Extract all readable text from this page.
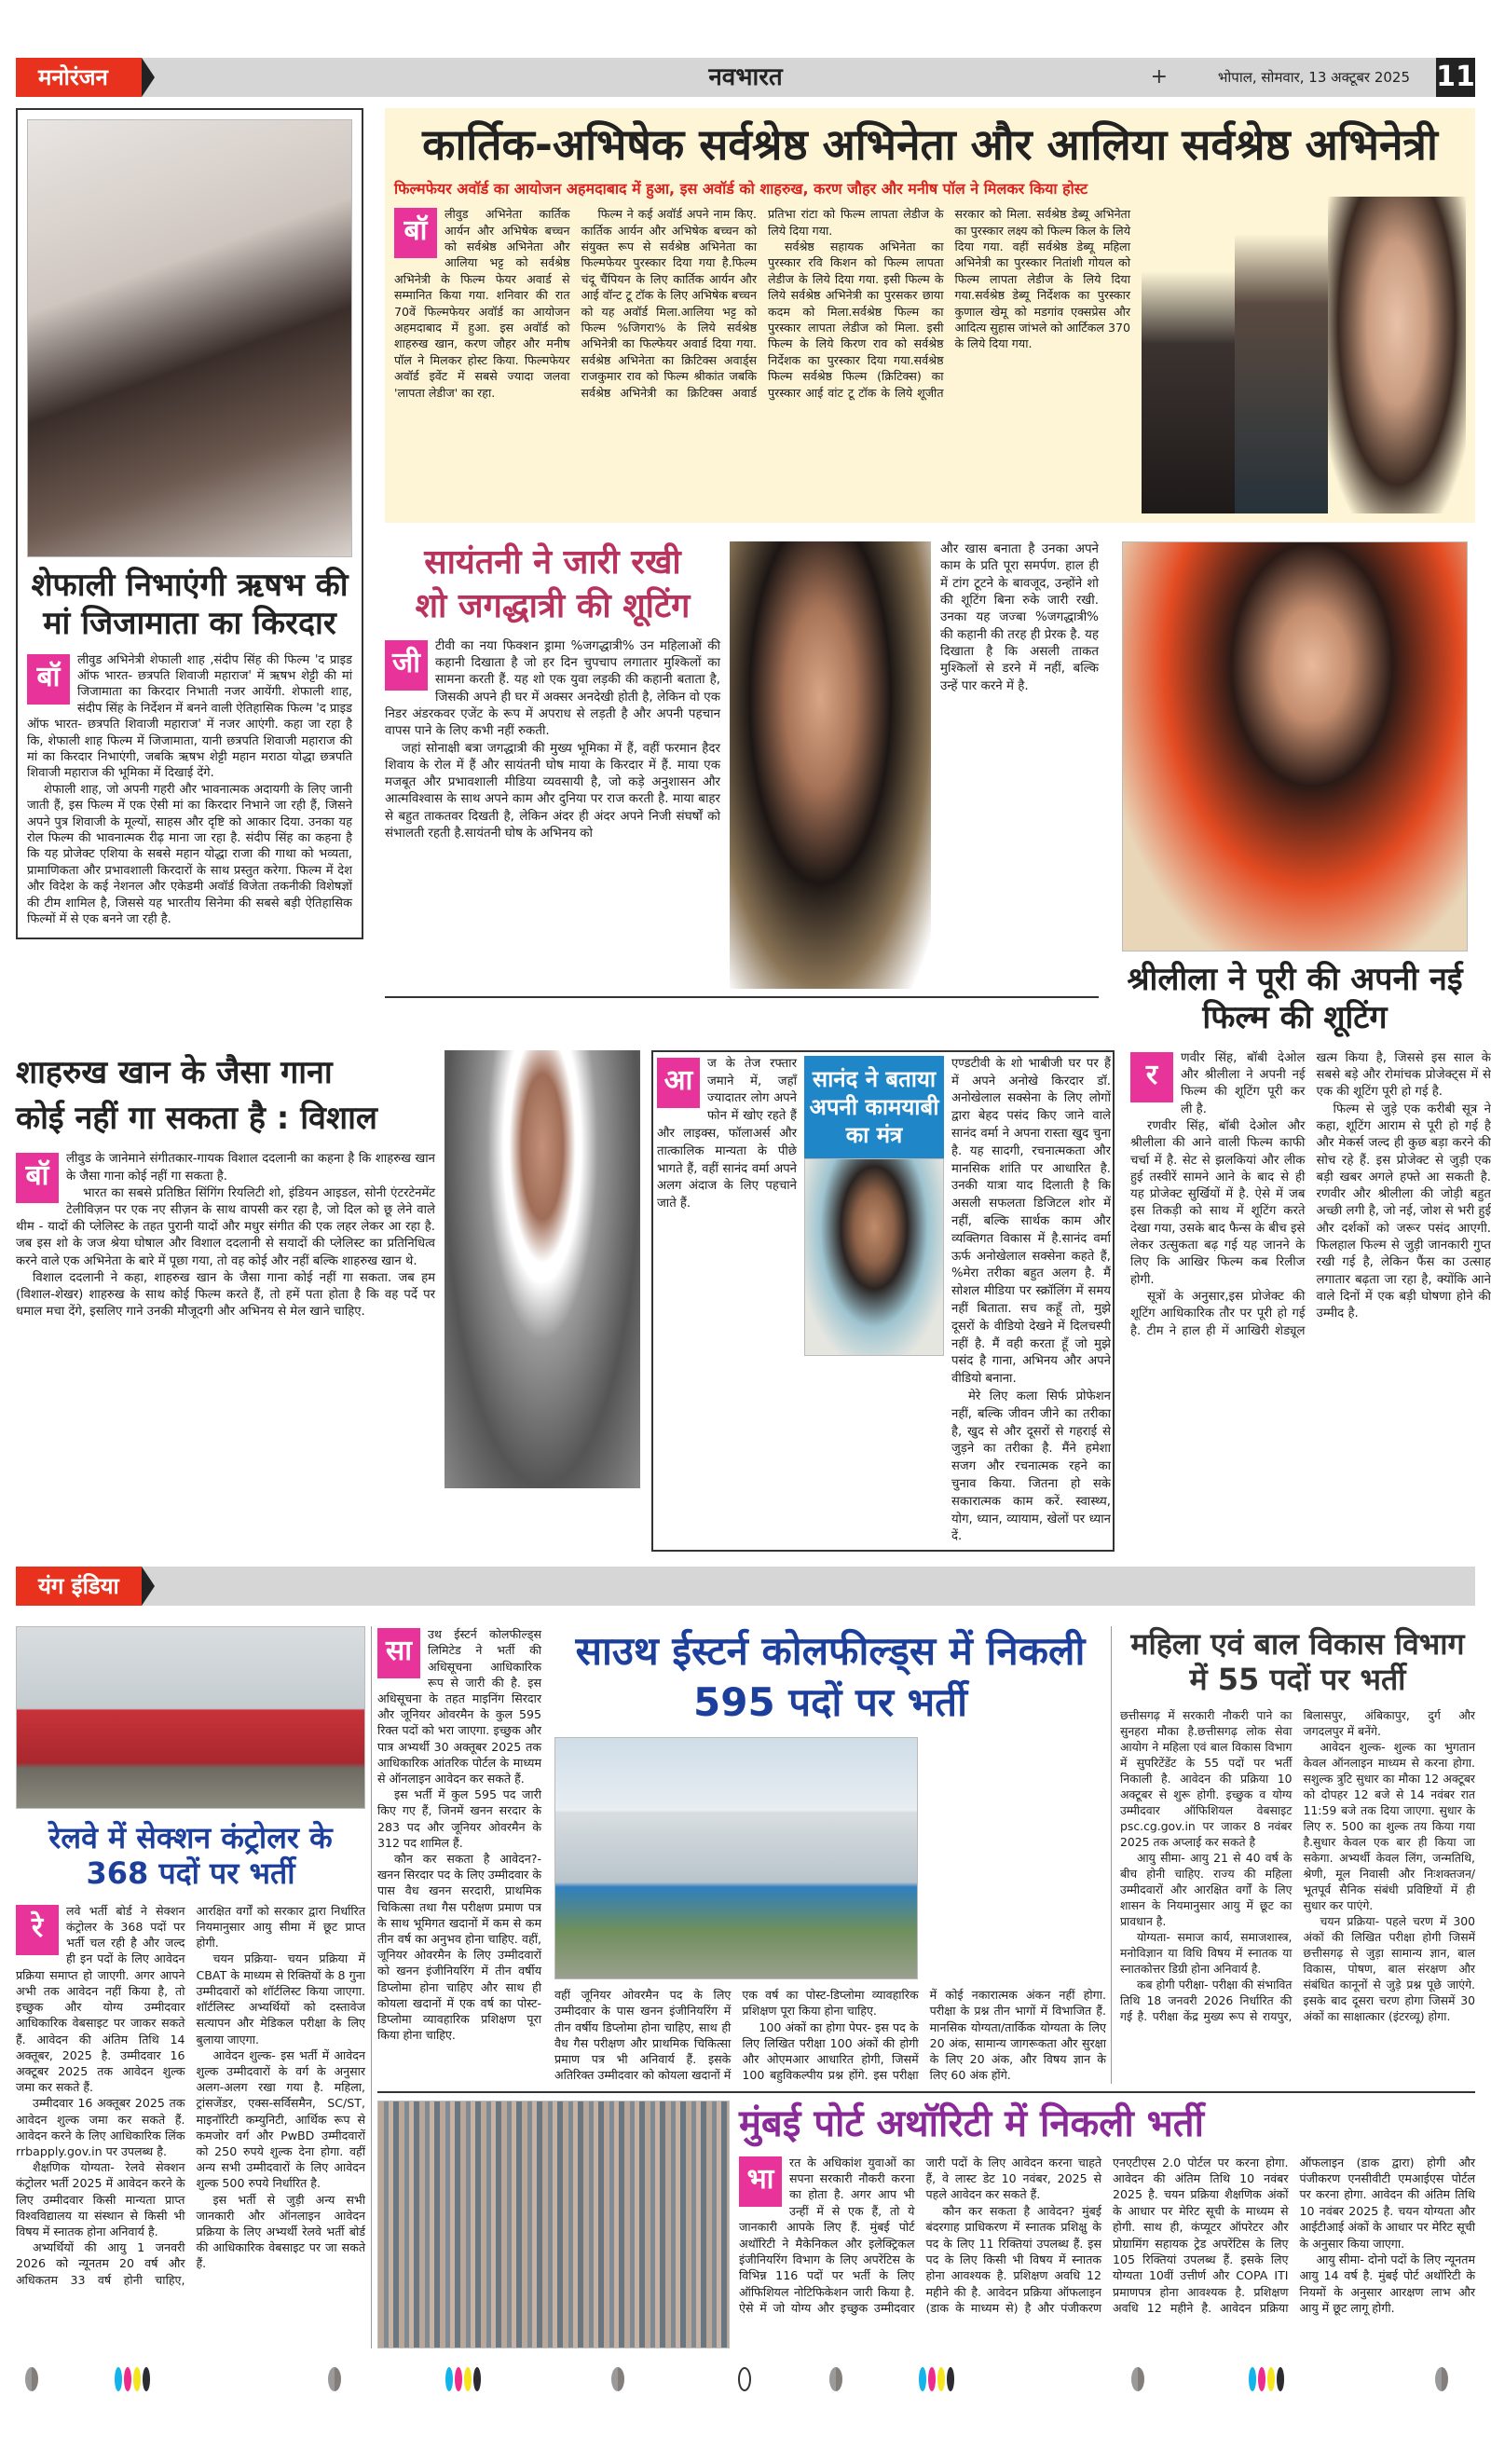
मनोरंजन	नवभारत	+	भोपाल, सोमवार, 13 अक्टूबर 2025 11
शेफाली निभाएंगी ऋषभ की मां जिजामाता का किरदार
बॉ

लीवुड अभिनेत्री शेफाली शाह ,संदीप सिंह की फिल्म 'द प्राइड ऑफ भारत- छत्रपति शिवाजी महाराज' में ऋषभ शेट्टी की मां जिजामाता का किरदार निभाती नजर आयेंगी. शेफाली शाह, संदीप सिंह के निर्देशन में बनने वाली ऐतिहासिक फिल्म 'द प्राइड ऑफ भारत- छत्रपति शिवाजी महाराज' में नजर आएंगी. कहा जा रहा है कि, शेफाली शाह फिल्म में जिजामाता, यानी छत्रपति शिवाजी महाराज की मां का किरदार निभाएंगी, जबकि ऋषभ शेट्टी महान मराठा योद्धा छत्रपति शिवाजी महाराज की भूमिका में दिखाई देंगे.

शेफाली शाह, जो अपनी गहरी और भावनात्मक अदायगी के लिए जानी जाती हैं, इस फिल्म में एक ऐसी मां का किरदार निभाने जा रही हैं, जिसने अपने पुत्र शिवाजी के मूल्यों, साहस और दृष्टि को आकार दिया. उनका यह रोल फिल्म की भावनात्मक रीढ़ माना जा रहा है. संदीप सिंह का कहना है कि यह प्रोजेक्ट एशिया के सबसे महान योद्धा राजा की गाथा को भव्यता, प्रामाणिकता और प्रभावशाली किरदारों के साथ प्रस्तुत करेगा. फिल्म में देश और विदेश के कई नेशनल और एकेडमी अवॉर्ड विजेता तकनीकी विशेषज्ञों की टीम शामिल है, जिससे यह भारतीय सिनेमा की सबसे बड़ी ऐतिहासिक फिल्मों में से एक बनने जा रही है.

कार्तिक-अभिषेक सर्वश्रेष्ठ अभिनेता और आलिया सर्वश्रेष्ठ अभिनेत्री
फिल्मफेयर अवॉर्ड का आयोजन अहमदाबाद में हुआ, इस अवॉर्ड को शाहरुख, करण जौहर और मनीष पॉल ने मिलकर किया होस्ट
बॉ

लीवुड अभिनेता कार्तिक आर्यन और अभिषेक बच्चन को सर्वश्रेष्ठ अभिनेता और आलिया भट्ट को सर्वश्रेष्ठ अभिनेत्री के फिल्म फेयर अवार्ड से सम्मानित किया गया. शनिवार की रात 70वें फिल्मफेयर अवॉर्ड का आयोजन अहमदाबाद में हुआ. इस अवॉर्ड को शाहरुख खान, करण जौहर और मनीष पॉल ने मिलकर होस्ट किया. फिल्मफेयर अवॉर्ड इवेंट में सबसे ज्यादा जलवा 'लापता लेडीज' का रहा.

फिल्म ने कई अवॉर्ड अपने नाम किए. कार्तिक आर्यन और अभिषेक बच्चन को संयुक्त रूप से सर्वश्रेष्ठ अभिनेता का फिल्मफेयर पुरस्कार दिया गया है.फिल्म चंदू चैंपियन के लिए कार्तिक आर्यन और आई वॉन्ट टू टॉक के लिए अभिषेक बच्चन को यह अवॉर्ड मिला.आलिया भट्ट को फिल्म %जिगरा% के लिये सर्वश्रेष्ठ अभिनेत्री का फिल्फेयर अवार्ड दिया गया. सर्वश्रेष्ठ अभिनेता का क्रिटिक्स अवार्ड्स राजकुमार राव को फिल्म श्रीकांत जबकि सर्वश्रेष्ठ अभिनेत्री का क्रिटिक्स अवार्ड प्रतिभा रांटा को फिल्म लापता लेडीज के लिये दिया गया.

सर्वश्रेष्ठ सहायक अभिनेता का पुरस्कार रवि किशन को फिल्म लापता लेडीज के लिये दिया गया. इसी फिल्म के लिये सर्वश्रेष्ठ अभिनेत्री का पुरसकर छाया कदम को मिला.सर्वश्रेष्ठ फिल्म का पुरस्कार लापता लेडीज को मिला. इसी फिल्म के लिये किरण राव को सर्वश्रेष्ठ निर्देशक का पुरस्कार दिया गया.सर्वश्रेष्ठ फिल्म सर्वश्रेष्ठ फिल्म (क्रिटिक्स) का पुरस्कार आई वांट टू टॉक के लिये शूजीत सरकार को मिला. सर्वश्रेष्ठ डेब्यू अभिनेता का पुरस्कार लक्ष्य को फिल्म किल के लिये दिया गया. वहीं सर्वश्रेष्ठ डेब्यू महिला अभिनेत्री का पुरस्कार नितांशी गोयल को फिल्म लापता लेडीज के लिये दिया गया.सर्वश्रेष्ठ डेब्यू निर्देशक का पुरस्कार कुणाल खेमू को मडगांव एक्सप्रेस और आदित्य सुहास जांभले को आर्टिकल 370 के लिये दिया गया.

सायंतनी ने जारी रखी
शो जगद्धात्री की शूटिंग
जी

टीवी का नया फिक्शन ड्रामा %जगद्धात्री% उन महिलाओं की कहानी दिखाता है जो हर दिन चुपचाप लगातार मुश्किलों का सामना करती हैं. यह शो एक युवा लड़की की कहानी बताता है, जिसकी अपने ही घर में अक्सर अनदेखी होती है, लेकिन वो एक निडर अंडरकवर एजेंट के रूप में अपराध से लड़ती है और अपनी पहचान वापस पाने के लिए कभी नहीं रुकती.

जहां सोनाक्षी बत्रा जगद्धात्री की मुख्य भूमिका में हैं, वहीं फरमान हैदर शिवाय के रोल में हैं और सायंतनी घोष माया के किरदार में हैं. माया एक मजबूत और प्रभावशाली मीडिया व्यवसायी है, जो कड़े अनुशासन और आत्मविश्वास के साथ अपने काम और दुनिया पर राज करती है. माया बाहर से बहुत ताकतवर दिखती है, लेकिन अंदर ही अंदर अपने निजी संघर्षों को संभालती रहती है.सायंतनी घोष के अभिनय को

और खास बनाता है उनका अपने काम के प्रति पूरा समर्पण. हाल ही में टांग टूटने के बावजूद, उन्होंने शो की शूटिंग बिना रुके जारी रखी. उनका यह जज्बा %जगद्धात्री% की कहानी की तरह ही प्रेरक है. यह दिखाता है कि असली ताकत मुश्किलों से डरने में नहीं, बल्कि उन्हें पार करने में है.

श्रीलीला ने पूरी की अपनी नई फिल्म की शूटिंग
शाहरुख खान के जैसा गाना
कोई नहीं गा सकता है : विशाल
बॉ

लीवुड के जानेमाने संगीतकार-गायक विशाल ददलानी का कहना है कि शाहरुख खान के जैसा गाना कोई नहीं गा सकता है.

भारत का सबसे प्रतिष्ठित सिंगिंग रियलिटी शो, इंडियन आइडल, सोनी एंटरटेनमेंट टेलीविज़न पर एक नए सीज़न के साथ वापसी कर रहा है, जो दिल को छू लेने वाले थीम - यादों की प्लेलिस्ट के तहत पुरानी यादों और मधुर संगीत की एक लहर लेकर आ रहा है. जब इस शो के जज श्रेया घोषाल और विशाल ददलानी से सयादों की प्लेलिस्ट का प्रतिनिधित्व करने वाले एक अभिनेता के बारे में पूछा गया, तो वह कोई और नहीं बल्कि शाहरुख खान थे.

विशाल ददलानी ने कहा, शाहरुख खान के जैसा गाना कोई नहीं गा सकता. जब हम (विशाल-शेखर) शाहरुख के साथ कोई फिल्म करते हैं, तो हमें पता होता है कि वह पर्दे पर धमाल मचा देंगे, इसलिए गाने उनकी मौजूदगी और अभिनय से मेल खाने चाहिए.

आ

ज के तेज रफ्तार जमाने में, जहाँ ज्यादातर लोग अपने फोन में खोए रहते हैं और लाइक्स, फॉलाअर्स और तात्कालिक मान्यता के पीछे भागते हैं, वहीं सानंद वर्मा अपने अलग अंदाज के लिए पहचाने जाते हैं.

सानंद ने बताया अपनी कामयाबी का मंत्र

एण्डटीवी के शो भाबीजी घर पर हैं में अपने अनोखे किरदार डॉ. अनोखेलाल सक्सेना के लिए लोगों द्वारा बेहद पसंद किए जाने वाले सानंद वर्मा ने अपना रास्ता खुद चुना है. यह सादगी, रचनात्मकता और मानसिक शांति पर आधारित है. उनकी यात्रा याद दिलाती है कि असली सफलता डिजिटल शोर में नहीं, बल्कि सार्थक काम और व्यक्तिगत विकास में है.सानंद वर्मा ऊर्फ अनोखेलाल सक्सेना कहते हैं, %मेरा तरीका बहुत अलग है. मैं सोशल मीडिया पर स्क्रॉलिंग में समय नहीं बिताता. सच कहूँ तो, मुझे दूसरों के वीडियो देखने में दिलचस्पी नहीं है. मैं वही करता हूँ जो मुझे पसंद है गाना, अभिनय और अपने वीडियो बनाना.

मेरे लिए कला सिर्फ प्रोफेशन नहीं, बल्कि जीवन जीने का तरीका है, खुद से और दूसरों से गहराई से जुड़ने का तरीका है. मैंने हमेशा सजग और रचनात्मक रहने का चुनाव किया. जितना हो सके सकारात्मक काम करें. स्वास्थ्य, योग, ध्यान, व्यायाम, खेलों पर ध्यान दें.

र

णवीर सिंह, बॉबी देओल और श्रीलीला ने अपनी नई फिल्म की शूटिंग पूरी कर ली है.

रणवीर सिंह, बॉबी देओल और श्रीलीला की आने वाली फिल्म काफी चर्चा में है. सेट से झलकियां और लीक हुई तस्वीरें सामने आने के बाद से ही यह प्रोजेक्ट सुर्खियों में है. ऐसे में जब इस तिकड़ी को साथ में शूटिंग करते देखा गया, उसके बाद फैन्स के बीच इसे लेकर उत्सुकता बढ़ गई यह जानने के लिए कि आखिर फिल्म कब रिलीज होगी.

सूत्रों के अनुसार,इस प्रोजेक्ट की शूटिंग आधिकारिक तौर पर पूरी हो गई है. टीम ने हाल ही में आखिरी शेड्यूल खत्म किया है, जिससे इस साल के सबसे बड़े और रोमांचक प्रोजेक्ट्स में से एक की शूटिंग पूरी हो गई है.

फिल्म से जुड़े एक करीबी सूत्र ने कहा, शूटिंग आराम से पूरी हो गई है और मेकर्स जल्द ही कुछ बड़ा करने की सोच रहे हैं. इस प्रोजेक्ट से जुड़ी एक बड़ी खबर अगले हफ्ते आ सकती है. रणवीर और श्रीलीला की जोड़ी बहुत अच्छी लगी है, जो नई, जोश से भरी हुई और दर्शकों को जरूर पसंद आएगी. फिलहाल फिल्म से जुड़ी जानकारी गुप्त रखी गई है, लेकिन फैंस का उत्साह लगातार बढ़ता जा रहा है, क्योंकि आने वाले दिनों में एक बड़ी घोषणा होने की उम्मीद है.

यंग इंडिया
रेलवे में सेक्शन कंट्रोलर के 368 पदों पर भर्ती
रे

लवे भर्ती बोर्ड ने सेक्शन कंट्रोलर के 368 पदों पर भर्ती चल रही है और जल्द ही इन पदों के लिए आवेदन प्रक्रिया समाप्त हो जाएगी. अगर आपने अभी तक आवेदन नहीं किया है, तो इच्छुक और योग्य उम्मीदवार आधिकारिक वेबसाइट पर जाकर सकते हैं. आवेदन की अंतिम तिथि 14 अक्तूबर, 2025 है. उम्मीदवार 16 अक्टूबर 2025 तक आवेदन शुल्क जमा कर सकते हैं.

उम्मीदवार 16 अक्तूबर 2025 तक आवेदन शुल्क जमा कर सकते हैं. आवेदन करने के लिए आधिकारिक लिंक rrbapply.gov.in पर उपलब्ध है.

शैक्षणिक योग्यता- रेलवे सेक्शन कंट्रोलर भर्ती 2025 में आवेदन करने के लिए उम्मीदवार किसी मान्यता प्राप्त विश्वविद्यालय या संस्थान से किसी भी विषय में स्नातक होना अनिवार्य है.

अभ्यर्थियों की आयु 1 जनवरी 2026 को न्यूनतम 20 वर्ष और अधिकतम 33 वर्ष होनी चाहिए, आरक्षित वर्गों को सरकार द्वारा निर्धारित नियमानुसार आयु सीमा में छूट प्राप्त होगी.

चयन प्रक्रिया- चयन प्रक्रिया में CBAT के माध्यम से रिक्तियों के 8 गुना उम्मीदवारों को शॉर्टलिस्ट किया जाएगा. शॉर्टलिस्ट अभ्यर्थियों को दस्तावेज सत्यापन और मेडिकल परीक्षा के लिए बुलाया जाएगा.

आवेदन शुल्क- इस भर्ती में आवेदन शुल्क उम्मीदवारों के वर्ग के अनुसार अलग-अलग रखा गया है. महिला, ट्रांसजेंडर, एक्स-सर्विसमैन, SC/ST, माइनॉरिटी कम्युनिटी, आर्थिक रूप से कमजोर वर्ग और PwBD उम्मीदवारों को 250 रुपये शुल्क देना होगा. वहीं अन्य सभी उम्मीदवारों के लिए आवेदन शुल्क 500 रुपये निर्धारित है.

इस भर्ती से जुड़ी अन्य सभी जानकारी और ऑनलाइन आवेदन प्रक्रिया के लिए अभ्यर्थी रेलवे भर्ती बोर्ड की आधिकारिक वेबसाइट पर जा सकते हैं.

सा

उथ ईस्टर्न कोलफील्ड्स लिमिटेड ने भर्ती की अधिसूचना आधिकारिक रूप से जारी की है. इस अधिसूचना के तहत माइनिंग सिरदार और जूनियर ओवरमैन के कुल 595 रिक्त पदों को भरा जाएगा. इच्छुक और पात्र अभ्यर्थी 30 अक्तूबर 2025 तक आधिकारिक आंतरिक पोर्टल के माध्यम से ऑनलाइन आवेदन कर सकते हैं.

इस भर्ती में कुल 595 पद जारी किए गए हैं, जिनमें खनन सरदार के 283 पद और जूनियर ओवरमैन के 312 पद शामिल हैं.

कौन कर सकता है आवेदन?- खनन सिरदार पद के लिए उम्मीदवार के पास वैध खनन सरदारी, प्राथमिक चिकित्सा तथा गैस परीक्षण प्रमाण पत्र के साथ भूमिगत खदानों में कम से कम तीन वर्ष का अनुभव होना चाहिए. वहीं, जूनियर ओवरमैन के लिए उम्मीदवारों को खनन इंजीनियरिंग में तीन वर्षीय डिप्लोमा होना चाहिए और साथ ही कोयला खदानों में एक वर्ष का पोस्ट-डिप्लोमा व्यावहारिक प्रशिक्षण पूरा किया होना चाहिए.

साउथ ईस्टर्न कोलफील्ड्स में निकली 595 पदों पर भर्ती

वहीं जूनियर ओवरमैन पद के लिए उम्मीदवार के पास खनन इंजीनियरिंग में तीन वर्षीय डिप्लोमा होना चाहिए, साथ ही वैध गैस परीक्षण और प्राथमिक चिकित्सा प्रमाण पत्र भी अनिवार्य हैं. इसके अतिरिक्त उम्मीदवार को कोयला खदानों में एक वर्ष का पोस्ट-डिप्लोमा व्यावहारिक प्रशिक्षण पूरा किया होना चाहिए.

100 अंकों का होगा पेपर- इस पद के लिए लिखित परीक्षा 100 अंकों की होगी और ओएमआर आधारित होगी, जिसमें 100 बहुविकल्पीय प्रश्न होंगे. इस परीक्षा में कोई नकारात्मक अंकन नहीं होगा. परीक्षा के प्रश्न तीन भागों में विभाजित हैं. मानसिक योग्यता/तार्किक योग्यता के लिए 20 अंक, सामान्य जागरूकता और सुरक्षा के लिए 20 अंक, और विषय ज्ञान के लिए 60 अंक होंगे.

महिला एवं बाल विकास विभाग में 55 पदों पर भर्ती

छत्तीसगढ़ में सरकारी नौकरी पाने का सुनहरा मौका है.छत्तीसगढ़ लोक सेवा आयोग ने महिला एवं बाल विकास विभाग में सुपरिटेंडेंट के 55 पदों पर भर्ती निकाली है. आवेदन की प्रक्रिया 10 अक्टूबर से शुरू होगी. इच्छुक व योग्य उम्मीदवार ऑफिशियल वेबसाइट psc.cg.gov.in पर जाकर 8 नवंबर 2025 तक अप्लाई कर सकते है

आयु सीमा- आयु 21 से 40 वर्ष के बीच होनी चाहिए. राज्य की महिला उम्मीदवारों और आरक्षित वर्गों के लिए शासन के नियमानुसार आयु में छूट का प्रावधान है.

योग्यता- समाज कार्य, समाजशास्त्र, मनोविज्ञान या विधि विषय में स्नातक या स्नातकोत्तर डिग्री होना अनिवार्य है.

कब होगी परीक्षा- परीक्षा की संभावित तिथि 18 जनवरी 2026 निर्धारित की गई है. परीक्षा केंद्र मुख्य रूप से रायपुर, बिलासपुर, अंबिकापुर, दुर्ग और जगदलपुर में बनेंगे.

आवेदन शुल्क- शुल्क का भुगतान केवल ऑनलाइन माध्यम से करना होगा. सशुल्क त्रुटि सुधार का मौका 12 अक्टूबर को दोपहर 12 बजे से 14 नवंबर रात 11:59 बजे तक दिया जाएगा. सुधार के लिए रु. 500 का शुल्क तय किया गया है.सुधार केवल एक बार ही किया जा सकेगा. अभ्यर्थी केवल लिंग, जन्मतिथि, श्रेणी, मूल निवासी और निःशक्तजन/भूतपूर्व सैनिक संबंधी प्रविष्टियों में ही सुधार कर पाएंगे.

चयन प्रक्रिया- पहले चरण में 300 अंकों की लिखित परीक्षा होगी जिसमें छत्तीसगढ़ से जुड़ा सामान्य ज्ञान, बाल विकास, पोषण, बाल संरक्षण और संबंधित कानूनों से जुड़े प्रश्न पूछे जाएंगे. इसके बाद दूसरा चरण होगा जिसमें 30 अंकों का साक्षात्कार (इंटरव्यू) होगा.

मुंबई पोर्ट अथॉरिटी में निकली भर्ती
भा

रत के अधिकांश युवाओं का सपना सरकारी नौकरी करना का होता है. अगर आप भी उन्हीं में से एक हैं, तो ये जानकारी आपके लिए हैं. मुंबई पोर्ट अथॉरिटी ने मैकेनिकल और इलेक्ट्रिकल इंजीनियरिंग विभाग के लिए अपरेंटिस के विभिन्न 116 पदों पर भर्ती के लिए ऑफिशियल नोटिफिकेशन जारी किया है. ऐसे में जो योग्य और इच्छुक उम्मीदवार जारी पदों के लिए आवेदन करना चाहते हैं, वे लास्ट डेट 10 नवंबर, 2025 से पहले आवेदन कर सकते हैं.

कौन कर सकता है आवेदन? मुंबई बंदरगाह प्राधिकरण में स्नातक प्रशिक्षु के पद के लिए 11 रिक्तियां उपलब्ध हैं. इस पद के लिए किसी भी विषय में स्नातक होना आवश्यक है. प्रशिक्षण अवधि 12 महीने की है. आवेदन प्रक्रिया ऑफलाइन (डाक के माध्यम से) है और पंजीकरण एनएटीएस 2.0 पोर्टल पर करना होगा. आवेदन की अंतिम तिथि 10 नवंबर 2025 है. चयन प्रक्रिया शैक्षणिक अंकों के आधार पर मेरिट सूची के माध्यम से होगी. साथ ही, कंप्यूटर ऑपरेटर और प्रोग्रामिंग सहायक ट्रेड अपरेंटिस के लिए 105 रिक्तियां उपलब्ध हैं. इसके लिए योग्यता 10वीं उत्तीर्ण और COPA ITI प्रमाणपत्र होना आवश्यक है. प्रशिक्षण अवधि 12 महीने है. आवेदन प्रक्रिया ऑफलाइन (डाक द्वारा) होगी और पंजीकरण एनसीवीटी एमआईएस पोर्टल पर करना होगा. आवेदन की अंतिम तिथि 10 नवंबर 2025 है. चयन योग्यता और आईटीआई अंकों के आधार पर मेरिट सूची के अनुसार किया जाएगा.

आयु सीमा- दोनो पदों के लिए न्यूनतम आयु 14 वर्ष है. मुंबई पोर्ट अथॉरिटी के नियमों के अनुसार आरक्षण लाभ और आयु में छूट लागू होगी.
